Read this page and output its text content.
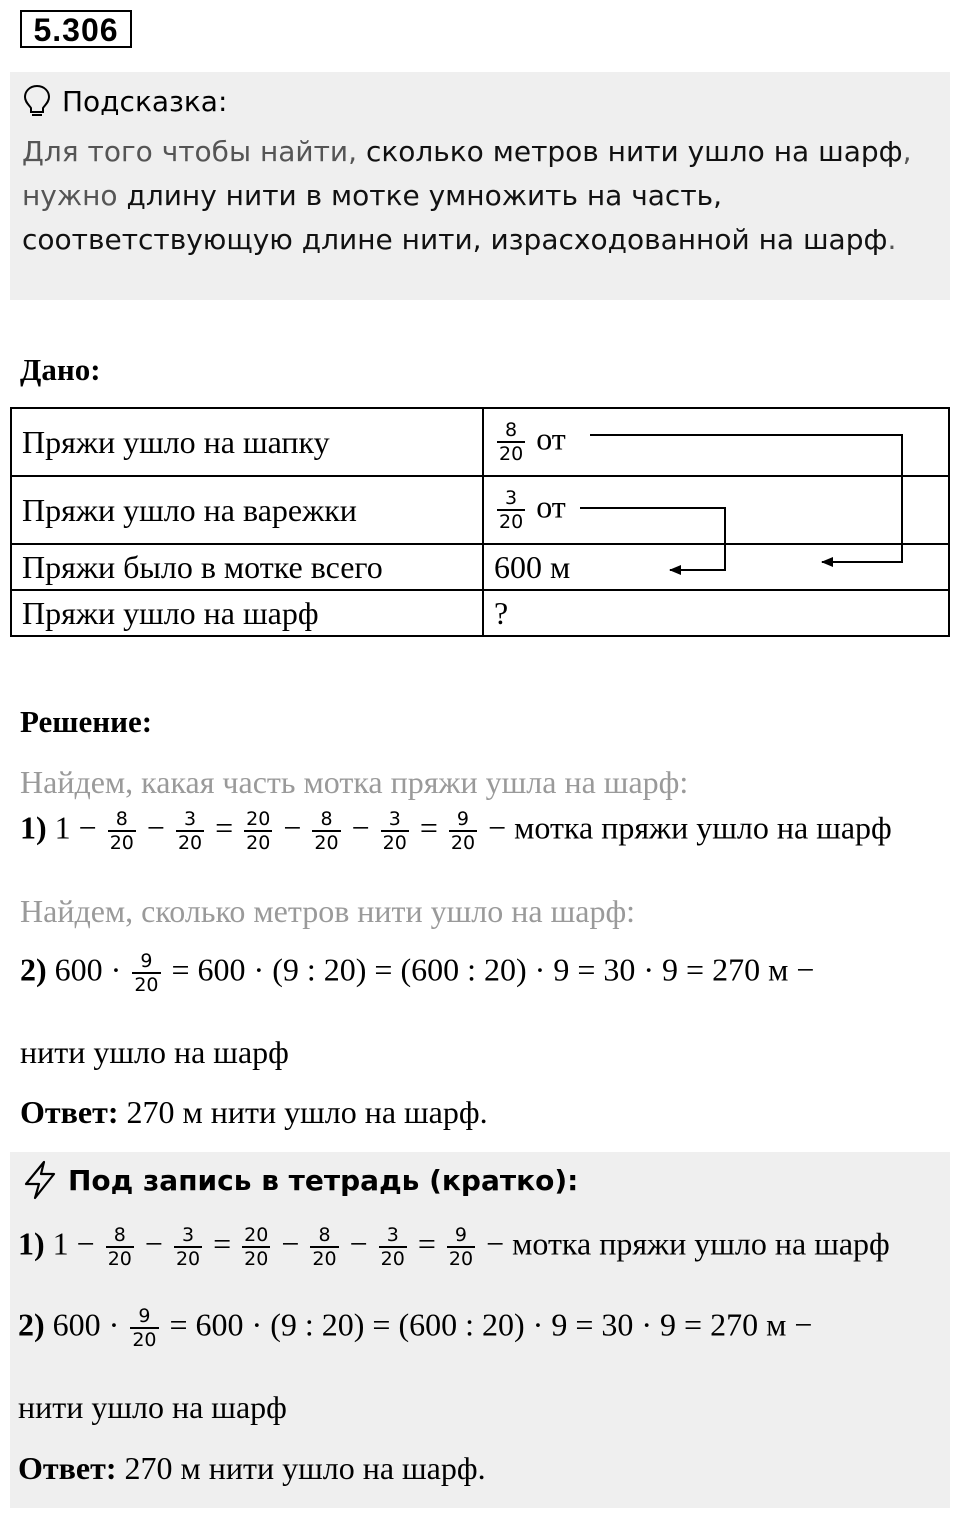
5.306
Подсказка:
Для того чтобы найти, сколько метров нити ушло на шарф,
нужно длину нити в мотке умножить на часть,
соответствующую длине нити, израсходованной на шарф.
Дано:
Пряжи ушло на шапку	$\frac{8}{20}$ от
Пряжи ушло на варежки	$\frac{3}{20}$ от
Пряжи было в мотке всего	600 м
Пряжи ушло на шарф	?
Решение:
Найдем, какая часть мотка пряжи ушла на шарф:
1) $1 - \frac{8}{20} - \frac{3}{20} = \frac{20}{20} - \frac{8}{20} - \frac{3}{20} = \frac{9}{20}$ − мотка пряжи ушло на шарф
Найдем, сколько метров нити ушло на шарф:
2) $600 \cdot \frac{9}{20} = 600 \cdot (9$ : 20) = (600 : 20) · 9 = 30 · 9 = 270 м −
нити ушло на шарф
Ответ: 270 м нити ушло на шарф.
Под запись в тетрадь (кратко):
1) $1 - \frac{8}{20} - \frac{3}{20} = \frac{20}{20} - \frac{8}{20} - \frac{3}{20} = \frac{9}{20}$ − мотка пряжи ушло на шарф
2) $600 \cdot \frac{9}{20} = 600 \cdot (9$ : 20) = (600 : 20) · 9 = 30 · 9 = 270 м −
нити ушло на шарф
Ответ: 270 м нити ушло на шарф.
